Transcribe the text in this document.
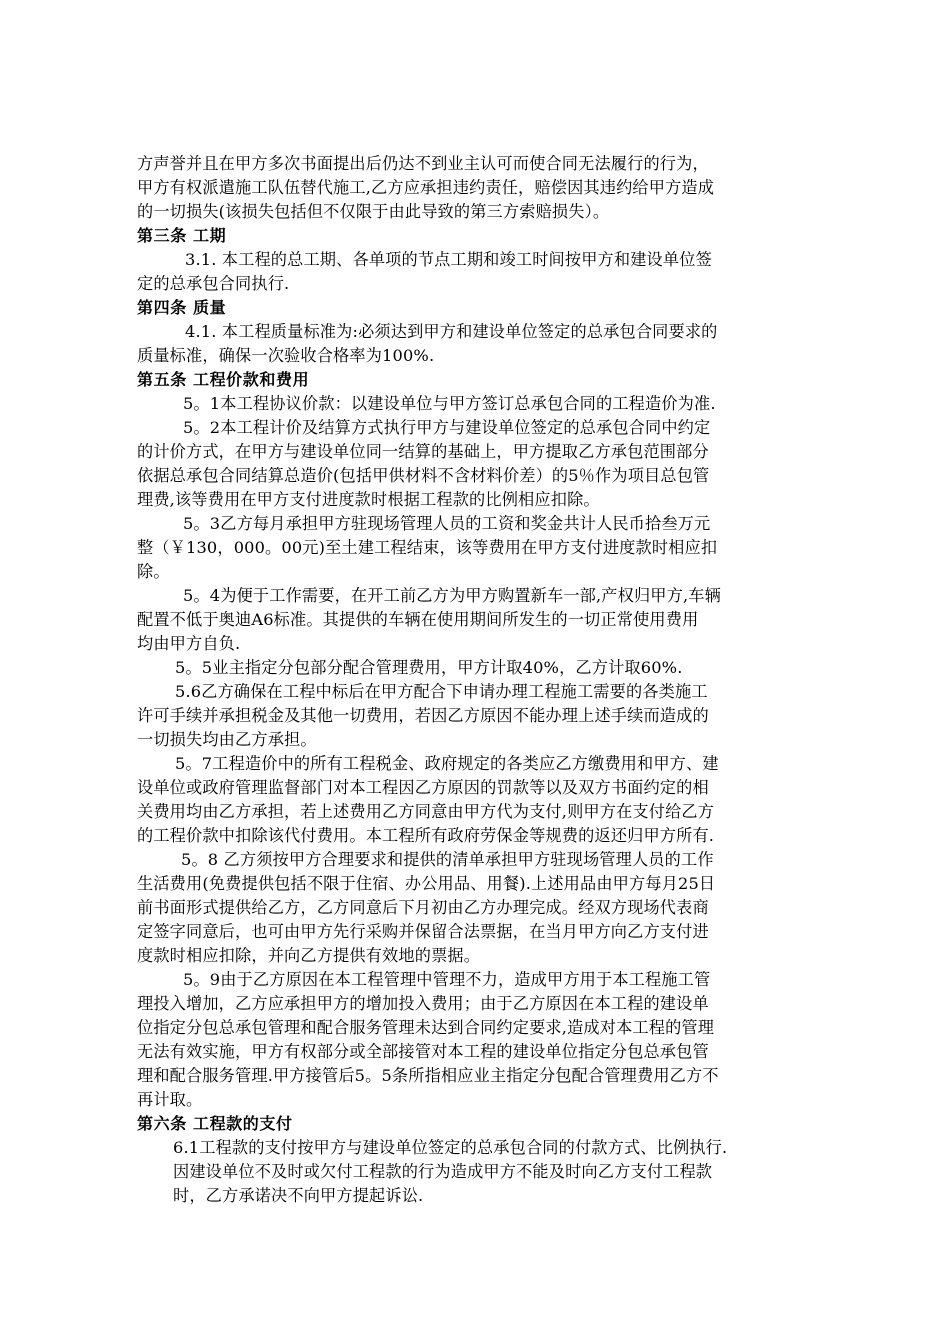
方声誉并且在甲方多次书面提出后仍达不到业主认可而使合同无法履行的行为，
甲方有权派遣施工队伍替代施工,乙方应承担违约责任，赔偿因其违约给甲方造成
的一切损失(该损失包括但不仅限于由此导致的第三方索赔损失）。
第三条 工期
3.1. 本工程的总工期、各单项的节点工期和竣工时间按甲方和建设单位签
定的总承包合同执行.
第四条 质量
4.1. 本工程质量标准为:必须达到甲方和建设单位签定的总承包合同要求的
质量标准，确保一次验收合格率为100%.
第五条 工程价款和费用
5。1本工程协议价款：以建设单位与甲方签订总承包合同的工程造价为准.
5。2本工程计价及结算方式执行甲方与建设单位签定的总承包合同中约定
的计价方式，在甲方与建设单位同一结算的基础上，甲方提取乙方承包范围部分
依据总承包合同结算总造价(包括甲供材料不含材料价差）的5％作为项目总包管
理费,该等费用在甲方支付进度款时根据工程款的比例相应扣除。
5。3乙方每月承担甲方驻现场管理人员的工资和奖金共计人民币拾叁万元
整（￥130，000。00元)至土建工程结束，该等费用在甲方支付进度款时相应扣
除。
5。4为便于工作需要，在开工前乙方为甲方购置新车一部,产权归甲方,车辆
配置不低于奥迪A6标准。其提供的车辆在使用期间所发生的一切正常使用费用
均由甲方自负.
5。5业主指定分包部分配合管理费用，甲方计取40%，乙方计取60%.
5.6乙方确保在工程中标后在甲方配合下申请办理工程施工需要的各类施工
许可手续并承担税金及其他一切费用，若因乙方原因不能办理上述手续而造成的
一切损失均由乙方承担。
5。7工程造价中的所有工程税金、政府规定的各类应乙方缴费用和甲方、建
设单位或政府管理监督部门对本工程因乙方原因的罚款等以及双方书面约定的相
关费用均由乙方承担，若上述费用乙方同意由甲方代为支付,则甲方在支付给乙方
的工程价款中扣除该代付费用。本工程所有政府劳保金等规费的返还归甲方所有.
5。8 乙方须按甲方合理要求和提供的清单承担甲方驻现场管理人员的工作
生活费用(免费提供包括不限于住宿、办公用品、用餐).上述用品由甲方每月25日
前书面形式提供给乙方，乙方同意后下月初由乙方办理完成。经双方现场代表商
定签字同意后，也可由甲方先行采购并保留合法票据，在当月甲方向乙方支付进
度款时相应扣除，并向乙方提供有效地的票据。
5。9由于乙方原因在本工程管理中管理不力，造成甲方用于本工程施工管
理投入增加，乙方应承担甲方的增加投入费用；由于乙方原因在本工程的建设单
位指定分包总承包管理和配合服务管理未达到合同约定要求,造成对本工程的管理
无法有效实施，甲方有权部分或全部接管对本工程的建设单位指定分包总承包管
理和配合服务管理.甲方接管后5。5条所指相应业主指定分包配合管理费用乙方不
再计取。
第六条 工程款的支付
6.1工程款的支付按甲方与建设单位签定的总承包合同的付款方式、比例执行.
因建设单位不及时或欠付工程款的行为造成甲方不能及时向乙方支付工程款
时，乙方承诺决不向甲方提起诉讼.
